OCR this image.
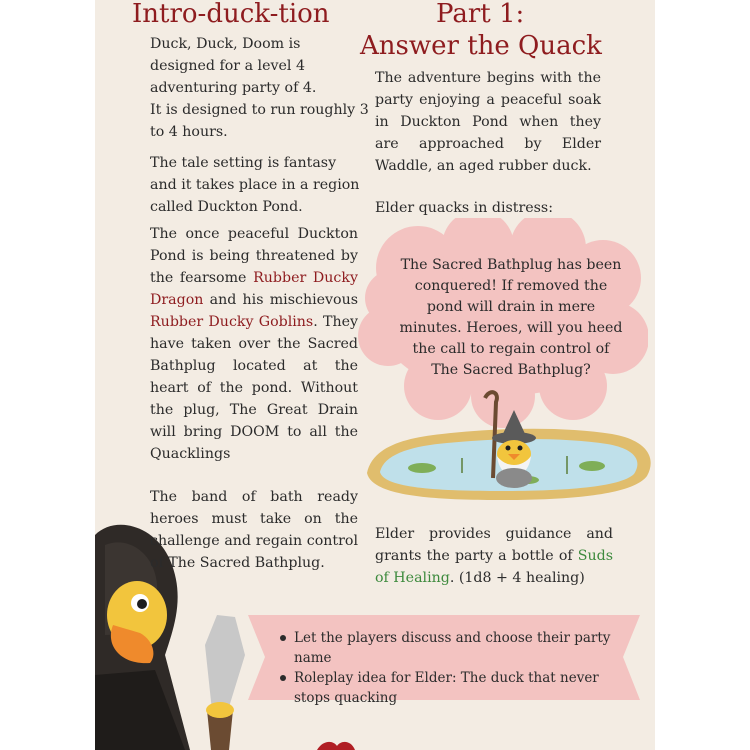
Intro-duck-tion	Part 1:
Answer the Quack

Duck, Duck, Doom is
designed for a level 4
adventuring party of 4.
It is designed to run roughly 3
to 4 hours.

The tale setting is fantasy and it takes place in a region called Duckton Pond.

The once peaceful Duckton Pond is being threatened by the fearsome Rubber Ducky Dragon and his mischievous Rubber Ducky Goblins. They have taken over the Sacred Bathplug located at the heart of the pond. Without the plug, The Great Drain will bring DOOM to all the Quacklings

The band of bath ready heroes must take on the challenge and regain control of The Sacred Bathplug.

The adventure begins with the party enjoying a peaceful soak in Duckton Pond when they are approached by Elder Waddle, an aged rubber duck.

Elder quacks in distress:

The Sacred Bathplug has been
conquered! If removed the
pond will drain in mere
minutes. Heroes, will you heed
the call to regain control of
The Sacred Bathplug?

Elder provides guidance and grants the party a bottle of Suds of Healing. (1d8 + 4 healing)

Let the players discuss and choose their party name
Roleplay idea for Elder: The duck that never stops quacking
